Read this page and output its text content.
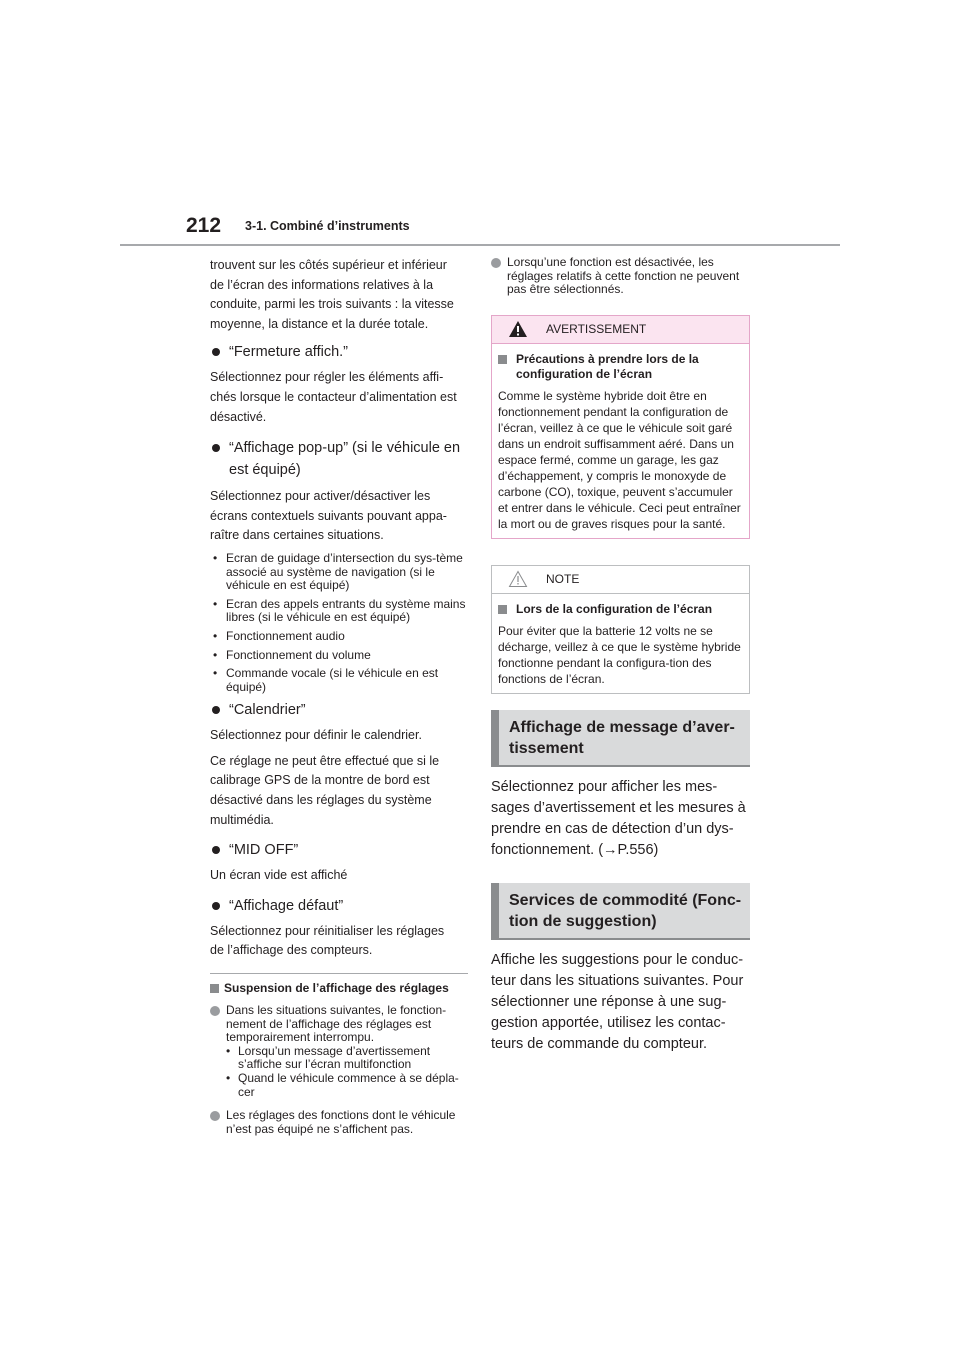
212 3-1. Combiné d’instruments
trouvent sur les côtés supérieur et inférieur
de l’écran des informations relatives à la
conduite, parmi les trois suivants : la vitesse
moyenne, la distance et la durée totale.
“Fermeture affich.”
Sélectionnez pour régler les éléments affi-
chés lorsque le contacteur d’alimentation est
désactivé.
“Affichage pop-up” (si le véhicule en est équipé)
Sélectionnez pour activer/désactiver les
écrans contextuels suivants pouvant appa-
raître dans certaines situations.
• Ecran de guidage d’intersection du sys-tème associé au système de navigation (si le véhicule en est équipé)
• Ecran des appels entrants du système mains libres (si le véhicule en est équipé)
• Fonctionnement audio
• Fonctionnement du volume
• Commande vocale (si le véhicule en est équipé)
“Calendrier”
Sélectionnez pour définir le calendrier.
Ce réglage ne peut être effectué que si le
calibrage GPS de la montre de bord est
désactivé dans les réglages du système
multimédia.
“MID OFF”
Un écran vide est affiché
“Affichage défaut”
Sélectionnez pour réinitialiser les réglages
de l’affichage des compteurs.
Suspension de l’affichage des réglages
Dans les situations suivantes, le fonction-nement de l’affichage des réglages est temporairement interrompu.
• Lorsqu’un message d’avertissement s’affiche sur l’écran multifonction
• Quand le véhicule commence à se dépla-cer
Les réglages des fonctions dont le véhicule n’est pas équipé ne s’affichent pas.
Lorsqu’une fonction est désactivée, les réglages relatifs à cette fonction ne peuvent pas être sélectionnés.
AVERTISSEMENT
Précautions à prendre lors de la configuration de l’écran
Comme le système hybride doit être en fonctionnement pendant la configuration de l’écran, veillez à ce que le véhicule soit garé dans un endroit suffisamment aéré. Dans un espace fermé, comme un garage, les gaz d’échappement, y compris le monoxyde de carbone (CO), toxique, peuvent s’accumuler et entrer dans le véhicule. Ceci peut entraîner la mort ou de graves risques pour la santé.
NOTE
Lors de la configuration de l’écran
Pour éviter que la batterie 12 volts ne se décharge, veillez à ce que le système hybride fonctionne pendant la configura-tion des fonctions de l’écran.
Affichage de message d’aver-tissement
Sélectionnez pour afficher les mes-sages d’avertissement et les mesures à prendre en cas de détection d’un dys-fonctionnement. (→P.556)
Services de commodité (Fonc-tion de suggestion)
Affiche les suggestions pour le conduc-teur dans les situations suivantes. Pour sélectionner une réponse à une sug-gestion apportée, utilisez les contac-teurs de commande du compteur.
